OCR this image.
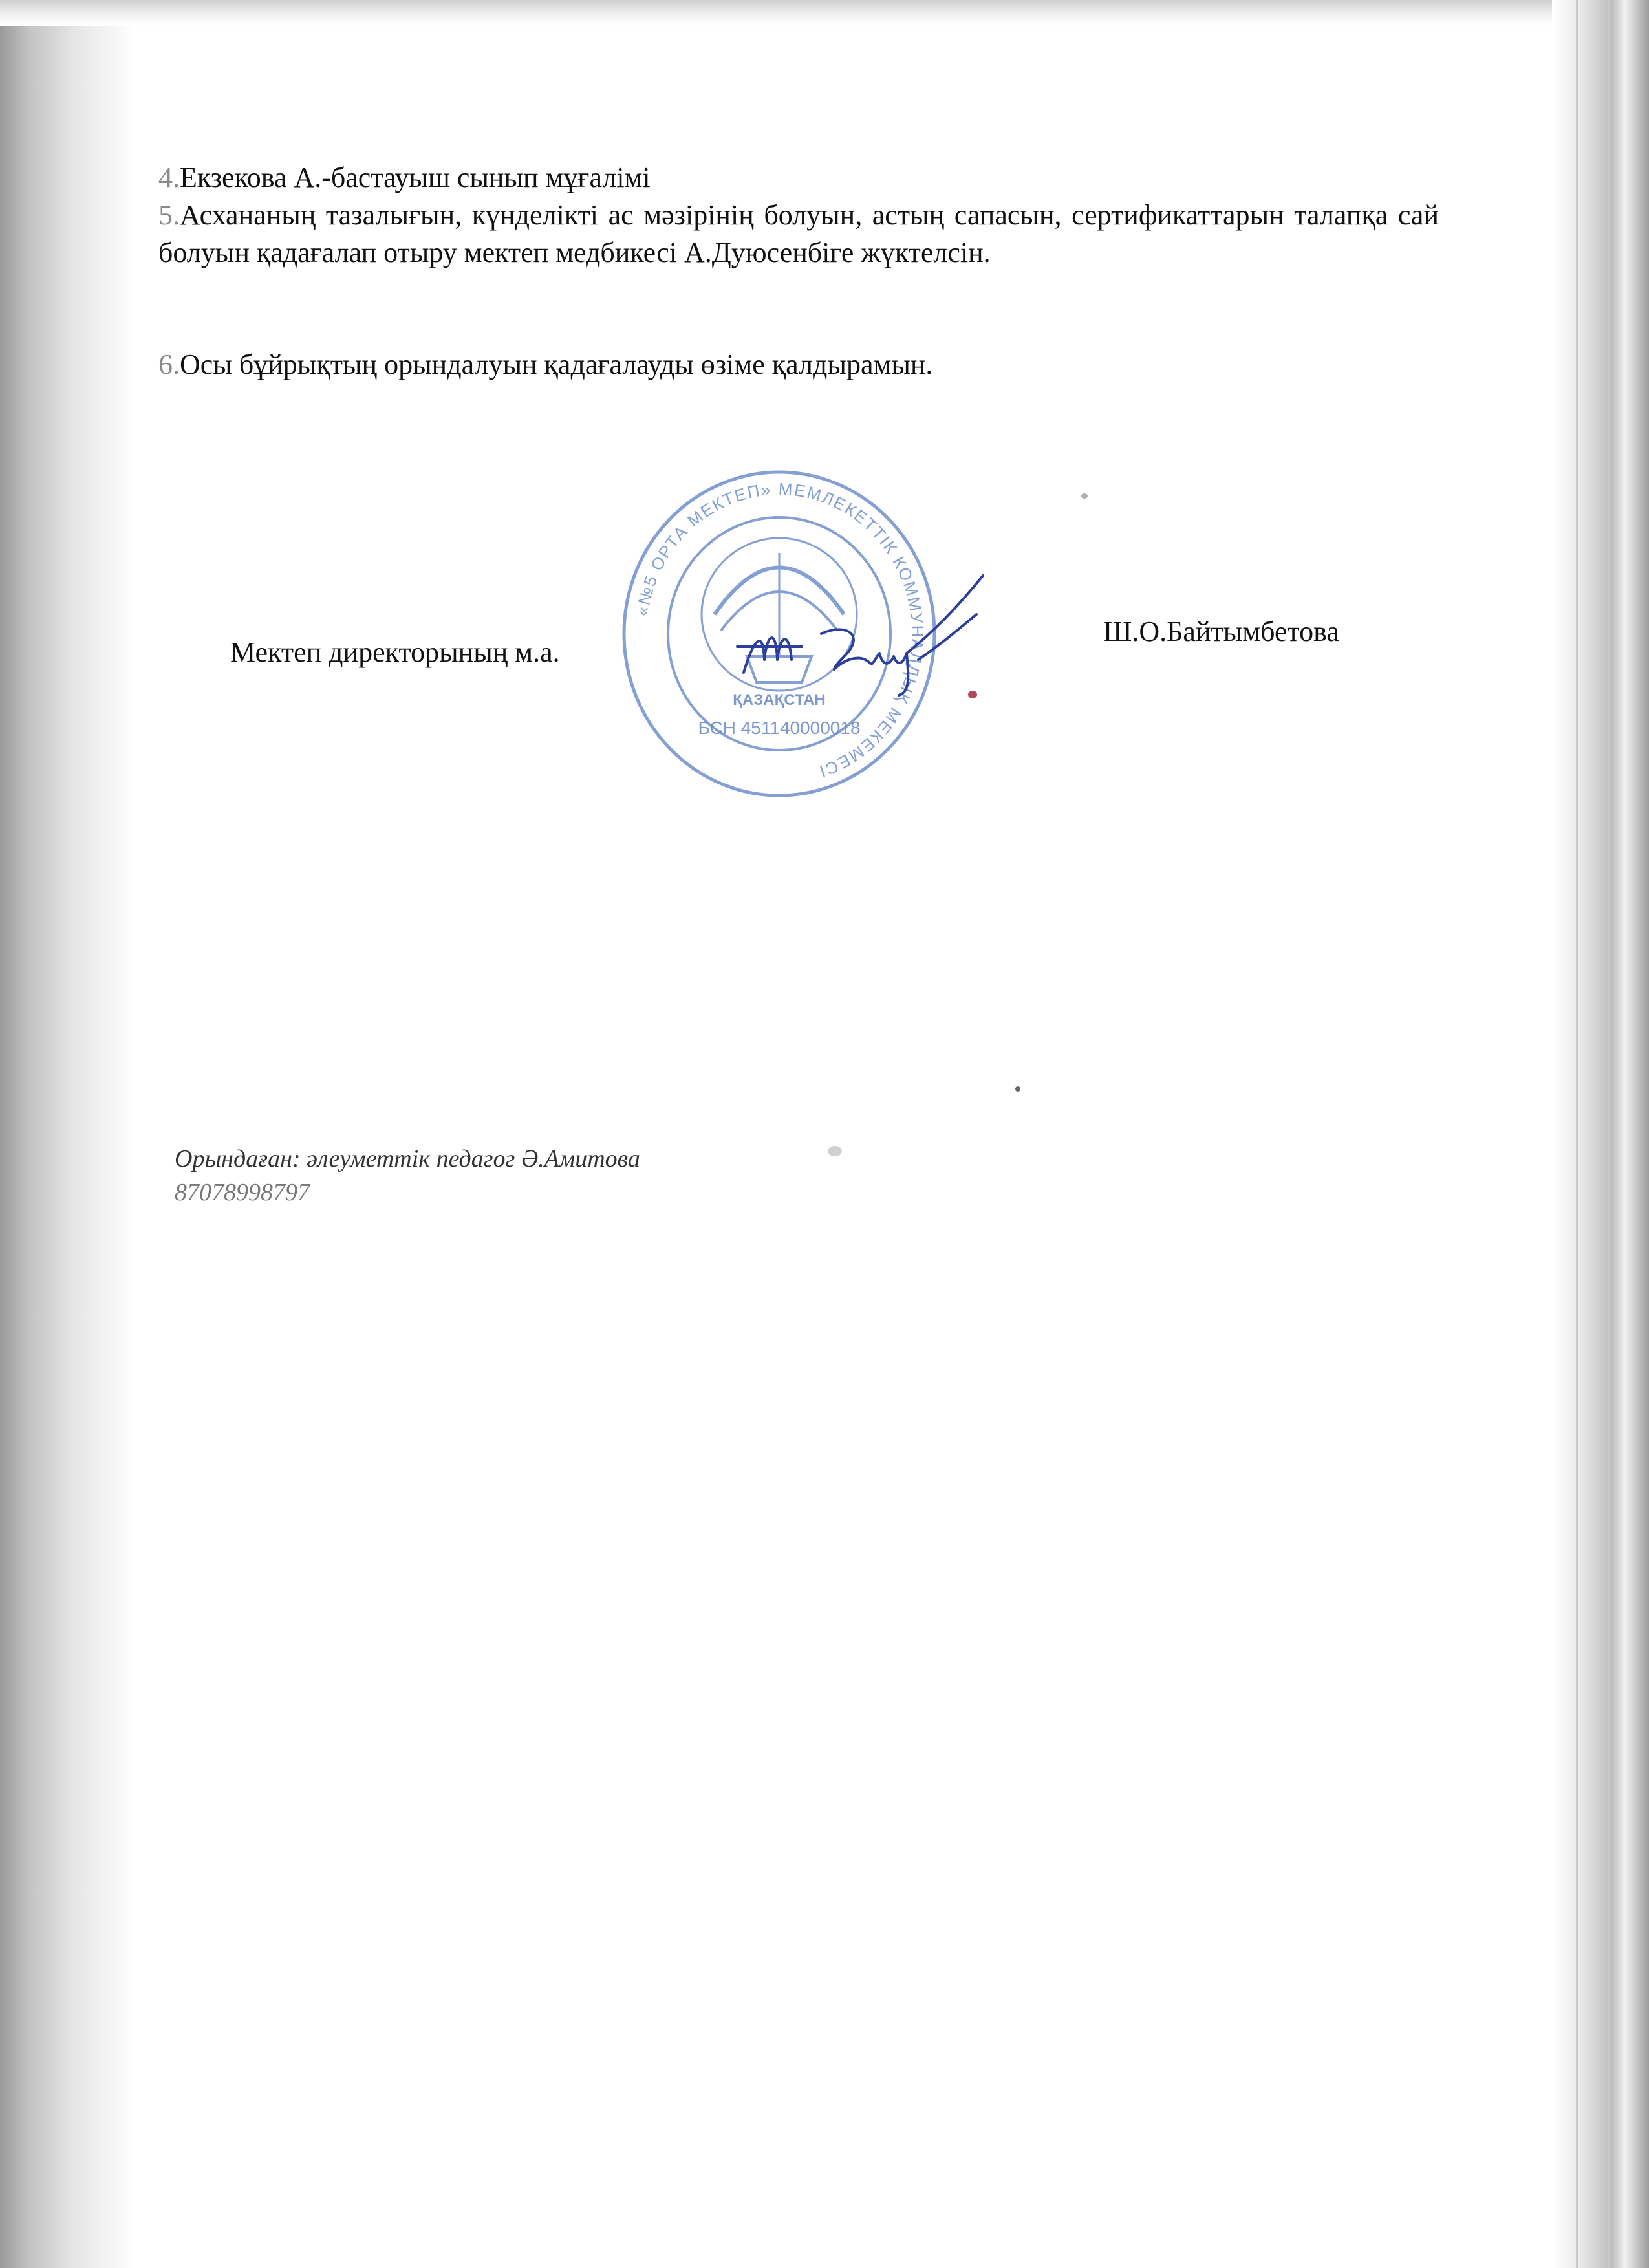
4.Екзекова А.-бастауыш сынып мұғалімі
5.Асхананың тазалығын, күнделікті ас мәзірінің болуын, астың сапасын, сертификаттарын талапқа сай болуын қадағалап отыру мектеп медбикесі А.Дуюсенбіге жүктелсін.
6.Осы бұйрықтың орындалуын қадағалауды өзіме қалдырамын.
«№5 ОРТА МЕКТЕП» МЕМЛЕКЕТТІК КОММУНАЛДЫҚ МЕКЕМЕСІ
ҚАЗАҚСТАН
БСН 451140000018
Мектеп директорының м.а.
Ш.О.Байтымбетова
Орындаған: әлеуметтік педагог Ә.Амитова
87078998797
